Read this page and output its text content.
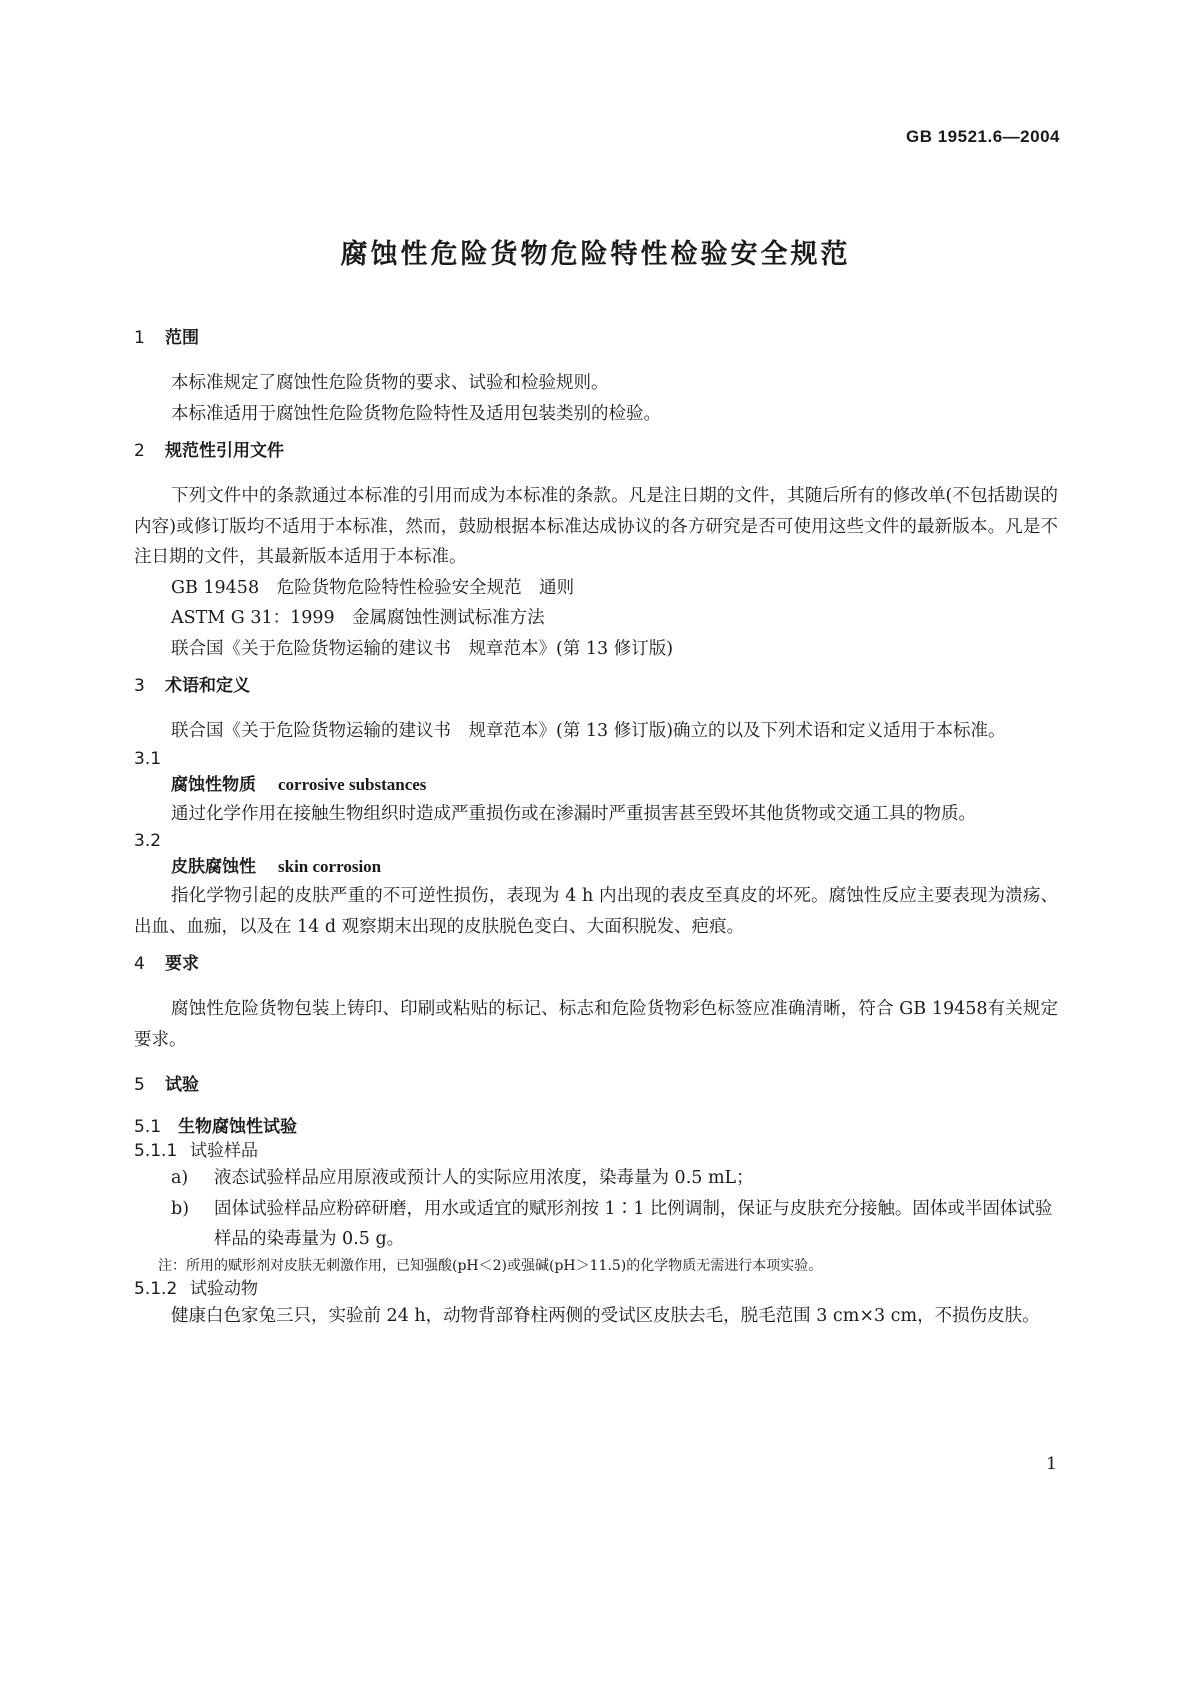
GB 19521.6—2004
腐蚀性危险货物危险特性检验安全规范
1 范围
本标准规定了腐蚀性危险货物的要求、试验和检验规则。
本标准适用于腐蚀性危险货物危险特性及适用包装类别的检验。
2 规范性引用文件
下列文件中的条款通过本标准的引用而成为本标准的条款。凡是注日期的文件，其随后所有的修改单(不包括勘误的内容)或修订版均不适用于本标准，然而，鼓励根据本标准达成协议的各方研究是否可使用这些文件的最新版本。凡是不注日期的文件，其最新版本适用于本标准。
GB 19458　危险货物危险特性检验安全规范　通则
ASTM G 31：1999　金属腐蚀性测试标准方法
联合国《关于危险货物运输的建议书　规章范本》(第 13 修订版)
3 术语和定义
联合国《关于危险货物运输的建议书　规章范本》(第 13 修订版)确立的以及下列术语和定义适用于本标准。
3.1
腐蚀性物质 corrosive substances
通过化学作用在接触生物组织时造成严重损伤或在渗漏时严重损害甚至毁坏其他货物或交通工具的物质。
3.2
皮肤腐蚀性 skin corrosion
指化学物引起的皮肤严重的不可逆性损伤，表现为 4 h 内出现的表皮至真皮的坏死。腐蚀性反应主要表现为溃疡、出血、血痂，以及在 14 d 观察期末出现的皮肤脱色变白、大面积脱发、疤痕。
4 要求
腐蚀性危险货物包装上铸印、印刷或粘贴的标记、标志和危险货物彩色标签应准确清晰，符合 GB 19458有关规定要求。
5 试验
5.1 生物腐蚀性试验
5.1.1 试验样品
a) 液态试验样品应用原液或预计人的实际应用浓度，染毒量为 0.5 mL；
b) 固体试验样品应粉碎研磨，用水或适宜的赋形剂按 1∶1 比例调制，保证与皮肤充分接触。固体或半固体试验样品的染毒量为 0.5 g。
注：所用的赋形剂对皮肤无刺激作用，已知强酸(pH＜2)或强碱(pH＞11.5)的化学物质无需进行本项实验。
5.1.2 试验动物
健康白色家兔三只，实验前 24 h，动物背部脊柱两侧的受试区皮肤去毛，脱毛范围 3 cm×3 cm，不损伤皮肤。
1
